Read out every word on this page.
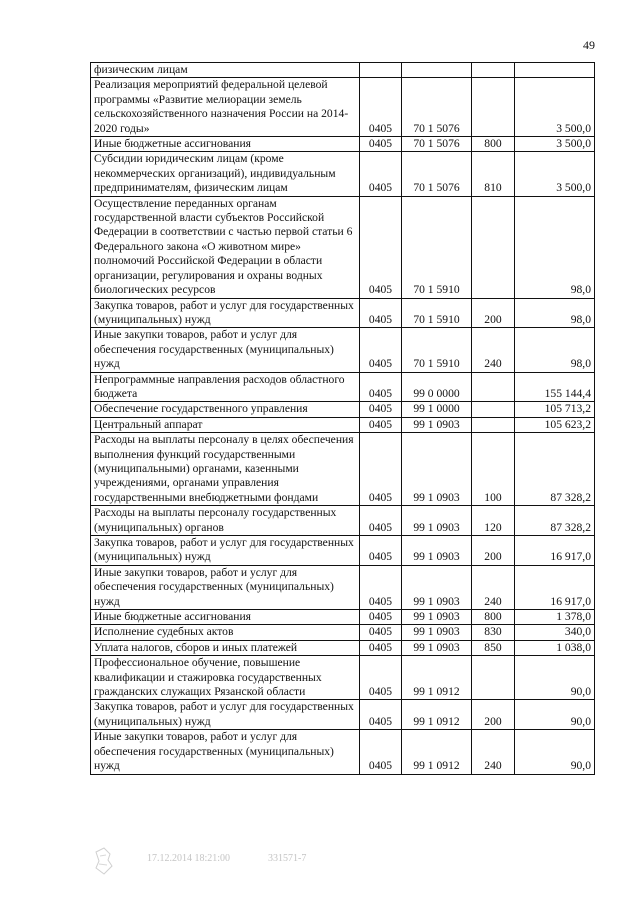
49
физическим лицам				
Реализация мероприятий федеральной целевой программы «Развитие мелиорации земель сельскохозяйственного назначения России на 2014-2020 годы»	0405	70 1 5076		3 500,0
Иные бюджетные ассигнования	0405	70 1 5076	800	3 500,0
Субсидии юридическим лицам (кроме некоммерческих организаций), индивидуальным предпринимателям, физическим лицам	0405	70 1 5076	810	3 500,0
Осуществление переданных органам государственной власти субъектов Российской Федерации в соответствии с частью первой статьи 6 Федерального закона «О животном мире» полномочий Российской Федерации в области организации, регулирования и охраны водных биологических ресурсов	0405	70 1 5910		98,0
Закупка товаров, работ и услуг для государственных (муниципальных) нужд	0405	70 1 5910	200	98,0
Иные закупки товаров, работ и услуг для обеспечения государственных (муниципальных) нужд	0405	70 1 5910	240	98,0
Непрограммные направления расходов областного бюджета	0405	99 0 0000		155 144,4
Обеспечение государственного управления	0405	99 1 0000		105 713,2
Центральный аппарат	0405	99 1 0903		105 623,2
Расходы на выплаты персоналу в целях обеспечения выполнения функций государственными (муниципальными) органами, казенными учреждениями, органами управления государственными внебюджетными фондами	0405	99 1 0903	100	87 328,2
Расходы на выплаты персоналу государственных (муниципальных) органов	0405	99 1 0903	120	87 328,2
Закупка товаров, работ и услуг для государственных (муниципальных) нужд	0405	99 1 0903	200	16 917,0
Иные закупки товаров, работ и услуг для обеспечения государственных (муниципальных) нужд	0405	99 1 0903	240	16 917,0
Иные бюджетные ассигнования	0405	99 1 0903	800	1 378,0
Исполнение судебных актов	0405	99 1 0903	830	340,0
Уплата налогов, сборов и иных платежей	0405	99 1 0903	850	1 038,0
Профессиональное обучение, повышение квалификации и стажировка государственных гражданских служащих Рязанской области	0405	99 1 0912		90,0
Закупка товаров, работ и услуг для государственных (муниципальных) нужд	0405	99 1 0912	200	90,0
Иные закупки товаров, работ и услуг для обеспечения государственных (муниципальных) нужд	0405	99 1 0912	240	90,0
17.12.2014 18:21:00	331571-7
